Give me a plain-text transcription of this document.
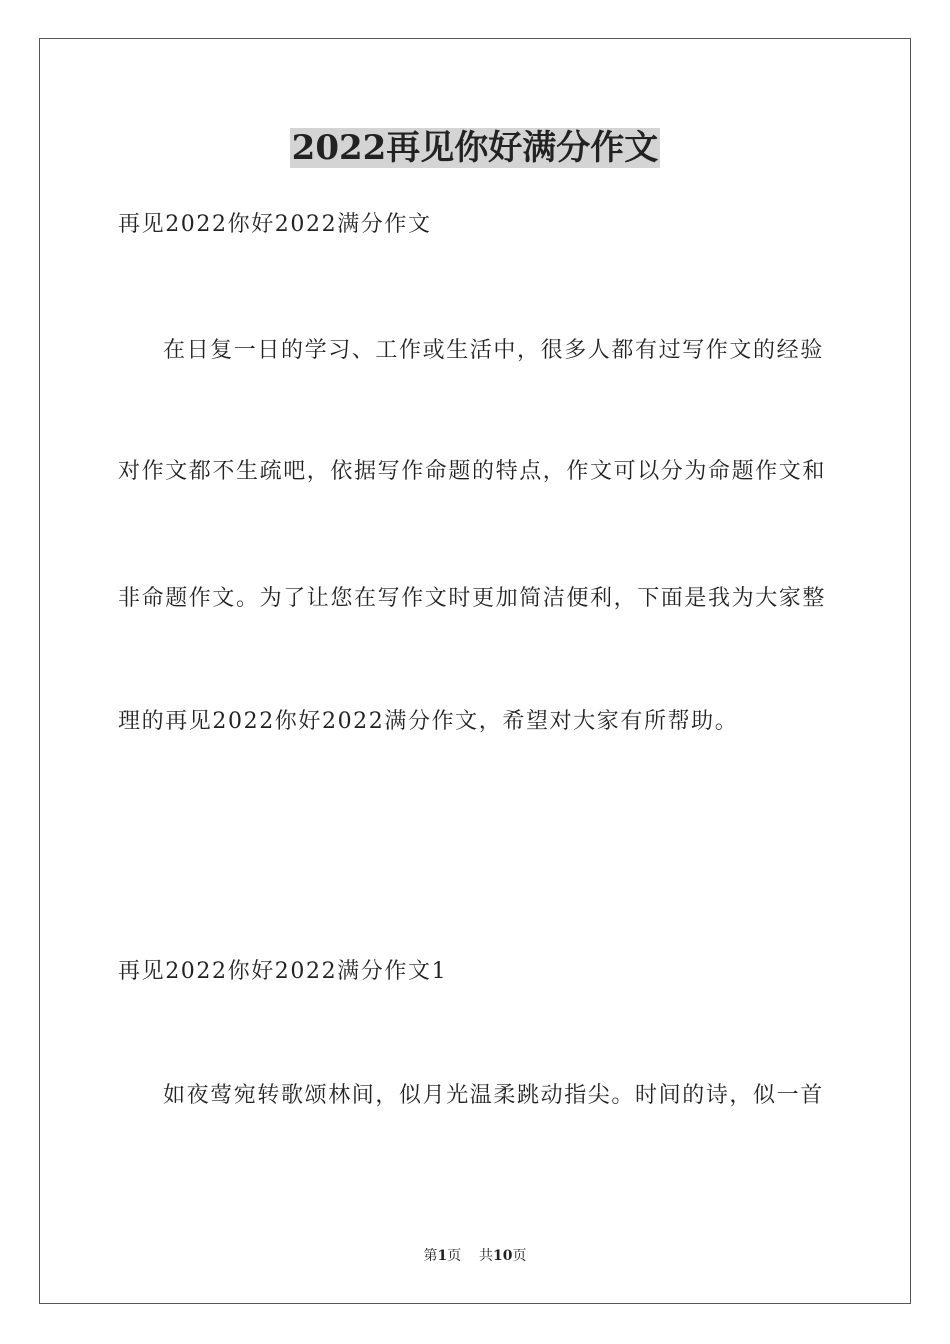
2022再见你好满分作文
再见2022你好2022满分作文
在日复一日的学习、工作或生活中，很多人都有过写作文的经验
对作文都不生疏吧，依据写作命题的特点，作文可以分为命题作文和
非命题作文。为了让您在写作文时更加简洁便利，下面是我为大家整
理的再见2022你好2022满分作文，希望对大家有所帮助。
再见2022你好2022满分作文1
如夜莺宛转歌颂林间，似月光温柔跳动指尖。时间的诗，似一首
第1页 共10页
